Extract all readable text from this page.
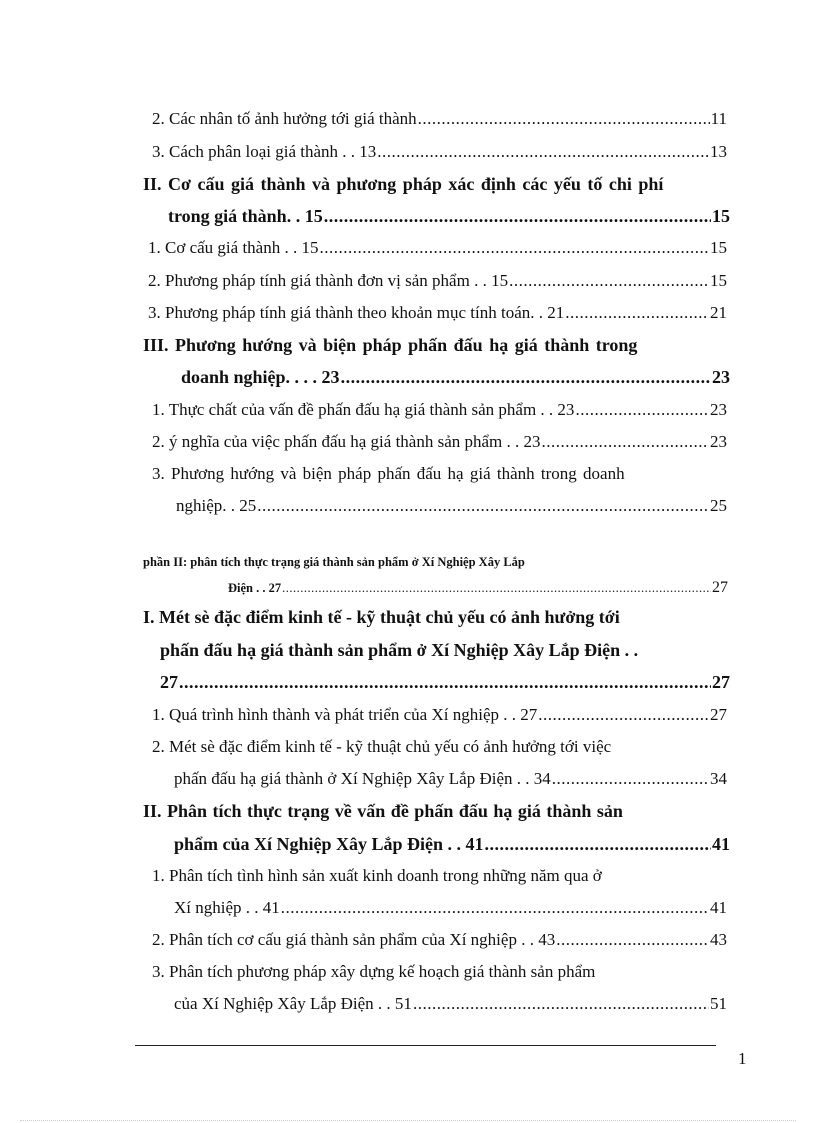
2. Các nhân tố ảnh hưởng tới giá thành .....	11
3. Cách phân loại giá thành . . 13 .....	13
II. Cơ cấu giá thành và phương pháp xác định các yếu tố chi phí
trong giá thành. . 15 .....	15
1. Cơ cấu giá thành . . 15 .....	15
2. Phương pháp tính giá thành đơn vị sản phẩm . . 15 .....	15
3. Phương pháp tính giá thành theo khoản mục tính toán. . 21 .....	21
III. Phương hướng và biện pháp phấn đấu hạ giá thành trong
doanh nghiệp. . . . 23 .....	23
1. Thực chất của vấn đề phấn đấu hạ giá thành sản phẩm . . 23 .....	23
2. ý nghĩa của việc phấn đấu hạ giá thành sản phẩm . . 23 .....	23
3. Phương hướng và biện pháp phấn đấu hạ giá thành trong doanh
nghiệp. . 25 .....	25
phần II: phân tích thực trạng giá thành sản phẩm ở Xí Nghiệp Xây Lắp
Điện . . 27 .....	27
I. Mét sè đặc điểm kinh tế - kỹ thuật chủ yếu có ảnh hưởng tới
phấn đấu hạ giá thành sản phẩm ở Xí Nghiệp Xây Lắp Điện . .
27 .....	27
1. Quá trình hình thành và phát triển của Xí nghiệp . . 27 .....	27
2. Mét sè đặc điểm kinh tế - kỹ thuật chủ yếu có ảnh hưởng tới việc
phấn đấu hạ giá thành ở Xí Nghiệp Xây Lắp Điện . . 34 .....	34
II. Phân tích thực trạng về vấn đề phấn đấu hạ giá thành sản
phẩm của Xí Nghiệp Xây Lắp Điện . . 41 .....	41
1. Phân tích tình hình sản xuất kinh doanh trong những năm qua ở
Xí nghiệp . . 41 .....	41
2. Phân tích cơ cấu giá thành sản phẩm của Xí nghiệp . . 43 .....	43
3. Phân tích phương pháp xây dựng kế hoạch giá thành sản phẩm
của Xí Nghiệp Xây Lắp Điện . . 51 .....	51
1
